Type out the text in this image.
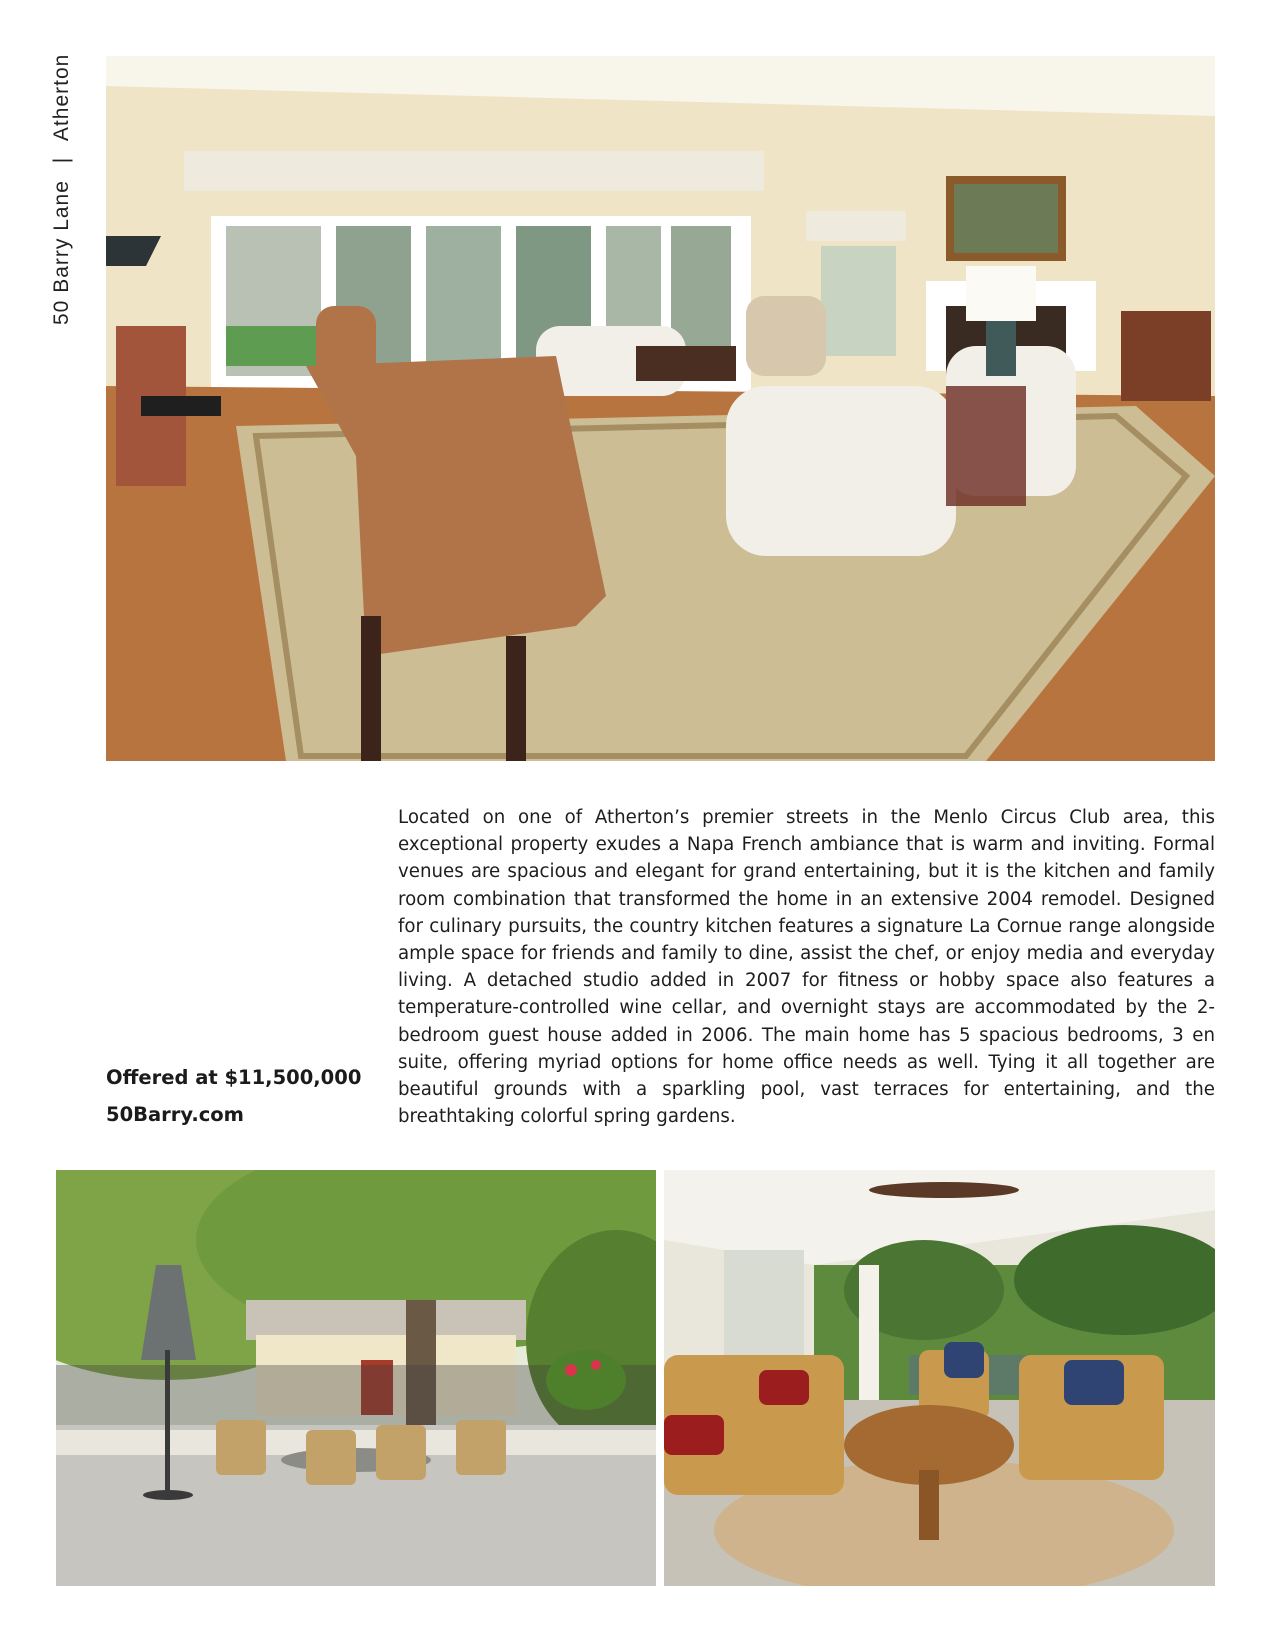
50 Barry Lane | Atherton

Located on one of Atherton’s premier streets in the Menlo Circus Club area, this exceptional property exudes a Napa French ambiance that is warm and inviting. Formal venues are spacious and elegant for grand entertaining, but it is the kitchen and family room combination that transformed the home in an extensive 2004 remodel. Designed for culinary pursuits, the country kitchen features a signature La Cornue range alongside ample space for friends and family to dine, assist the chef, or enjoy media and everyday living. A detached studio added in 2007 for fitness or hobby space also features a temperature-controlled wine cellar, and overnight stays are accommodated by the 2-bedroom guest house added in 2006. The main home has 5 spacious bedrooms, 3 en suite, offering myriad options for home office needs as well. Tying it all together are beautiful grounds with a sparkling pool, vast terraces for entertaining, and the breathtaking colorful spring gardens.

Offered at $11,500,000
50Barry.com
